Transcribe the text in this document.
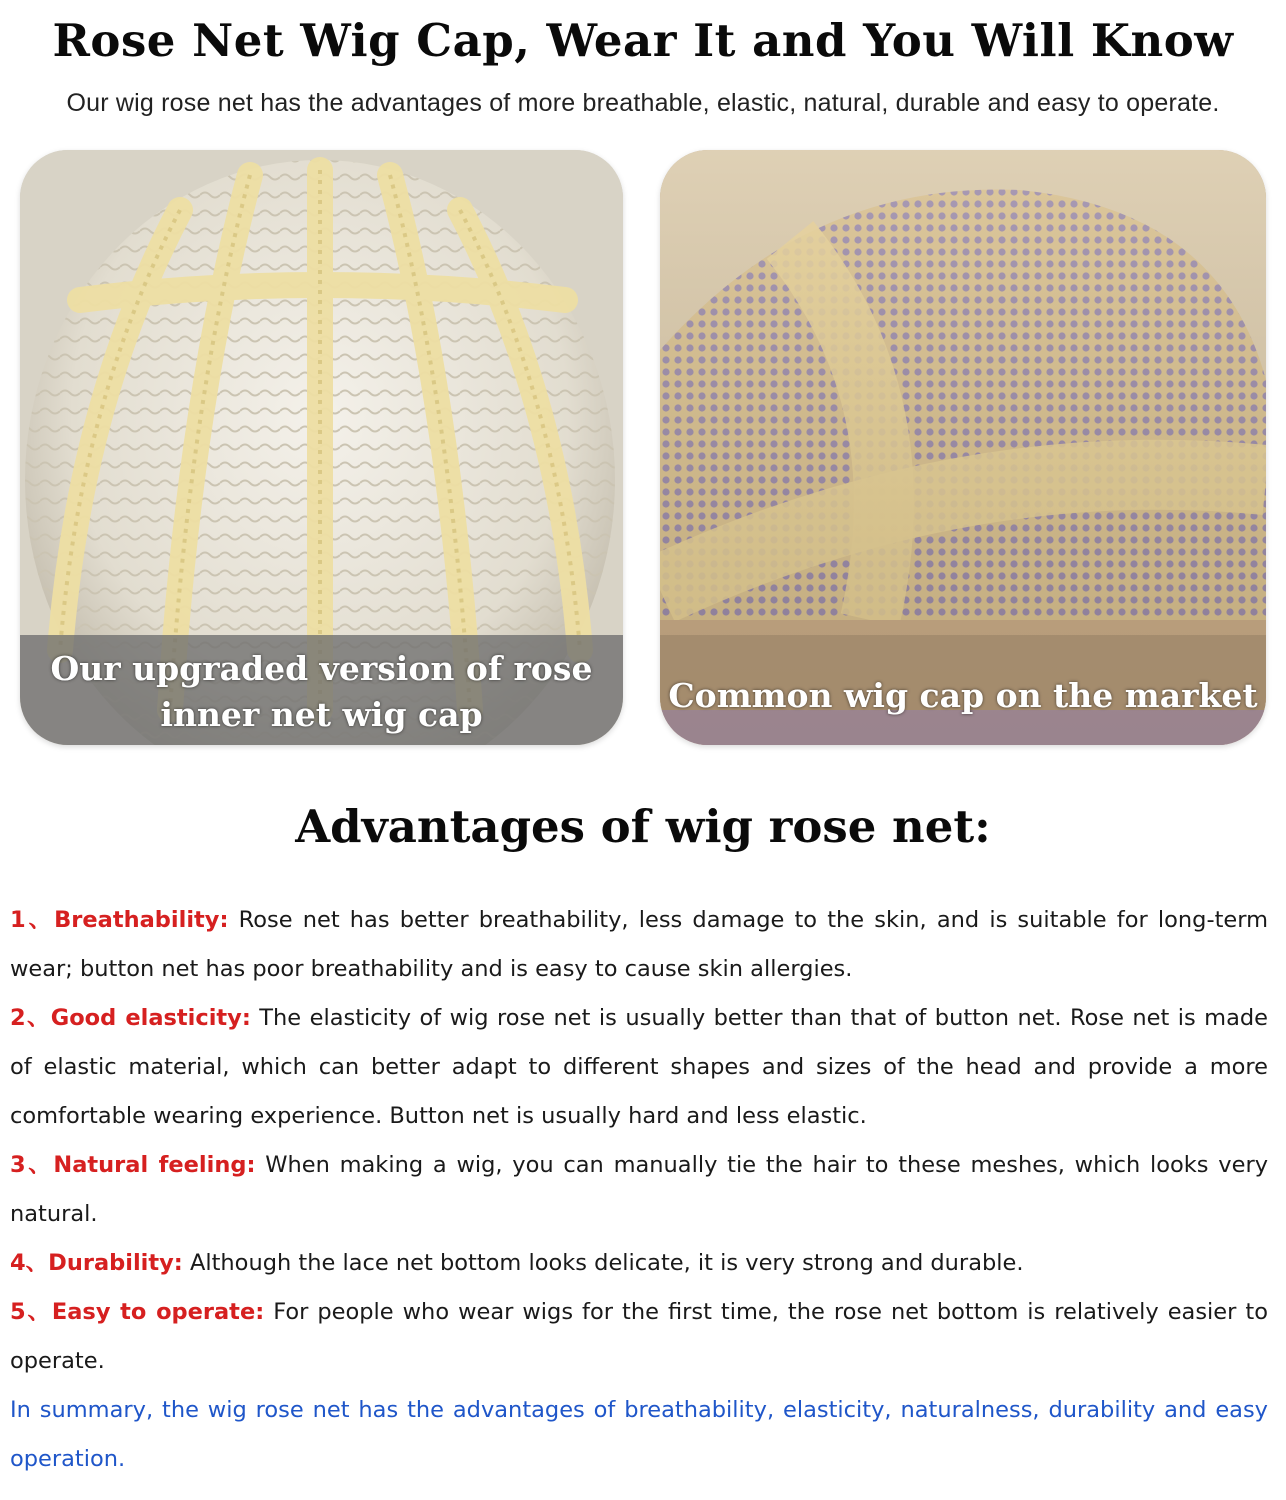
Rose Net Wig Cap, Wear It and You Will Know
Our wig rose net has the advantages of more breathable, elastic, natural, durable and easy to operate.
Our upgraded version of rose
inner net wig cap	Common wig cap on the market
Advantages of wig rose net:

1、Breathability: Rose net has better breathability, less damage to the skin, and is suitable for long-term wear; button net has poor breathability and is easy to cause skin allergies.

2、Good elasticity: The elasticity of wig rose net is usually better than that of button net. Rose net is made of elastic material, which can better adapt to different shapes and sizes of the head and provide a more comfortable wearing experience. Button net is usually hard and less elastic.

3、Natural feeling: When making a wig, you can manually tie the hair to these meshes, which looks very natural.

4、Durability: Although the lace net bottom looks delicate, it is very strong and durable.

5、Easy to operate: For people who wear wigs for the first time, the rose net bottom is relatively easier to operate.

In summary, the wig rose net has the advantages of breathability, elasticity, naturalness, durability and easy operation.
